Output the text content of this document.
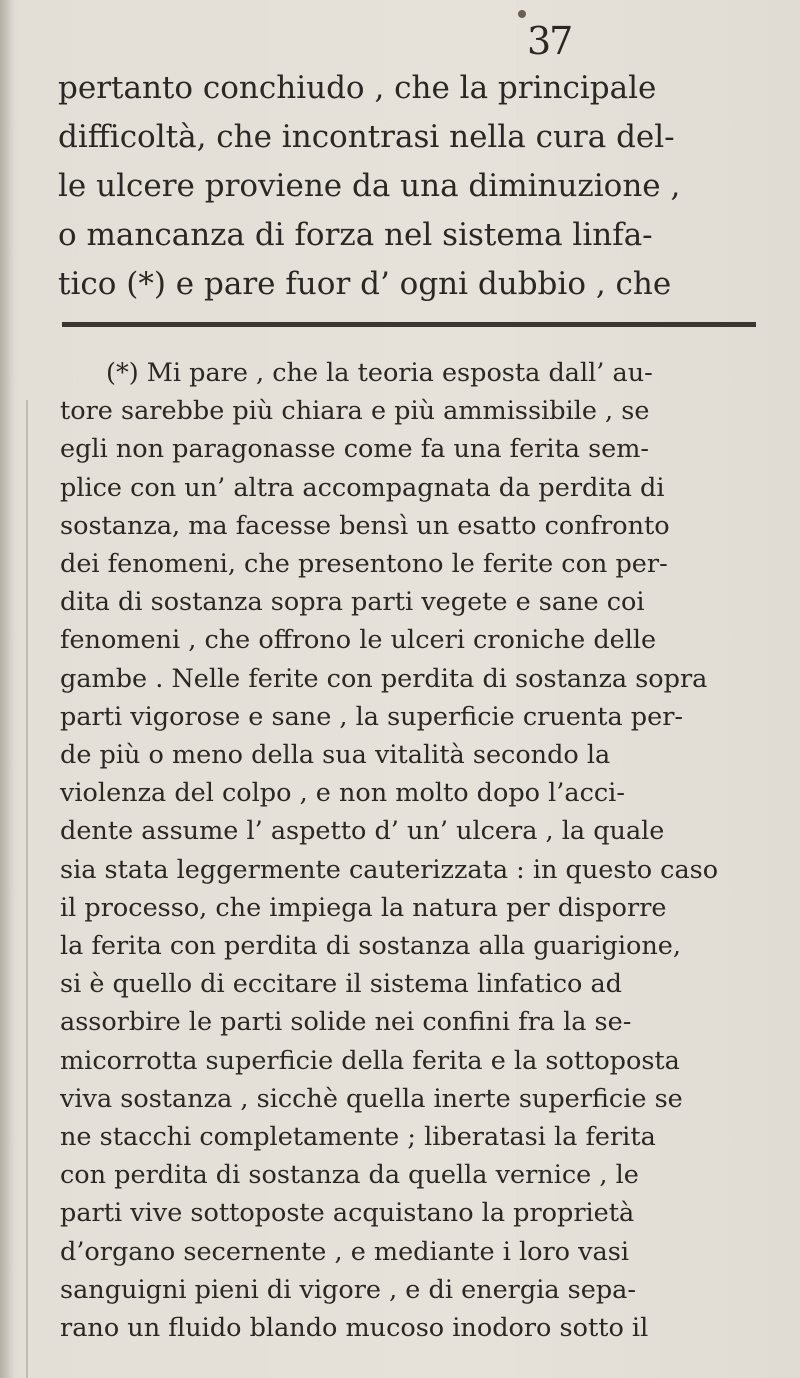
37
pertanto conchiudo , che la principale
difficoltà, che incontrasi nella cura del-
le ulcere proviene da una diminuzione ,
o mancanza di forza nel sistema linfa-
tico (*) e pare fuor d’ ogni dubbio , che
(*) Mi pare , che la teoria esposta dall’ au-
tore sarebbe più chiara e più ammissibile , se
egli non paragonasse come fa una ferita sem-
plice con un’ altra accompagnata da perdita di
sostanza, ma facesse bensì un esatto confronto
dei fenomeni, che presentono le ferite con per-
dita di sostanza sopra parti vegete e sane coi
fenomeni , che offrono le ulceri croniche delle
gambe . Nelle ferite con perdita di sostanza sopra
parti vigorose e sane , la superficie cruenta per-
de più o meno della sua vitalità secondo la
violenza del colpo , e non molto dopo l’acci-
dente assume l’ aspetto d’ un’ ulcera , la quale
sia stata leggermente cauterizzata : in questo caso
il processo, che impiega la natura per disporre
la ferita con perdita di sostanza alla guarigione,
si è quello di eccitare il sistema linfatico ad
assorbire le parti solide nei confini fra la se-
micorrotta superficie della ferita e la sottoposta
viva sostanza , sicchè quella inerte superficie se
ne stacchi completamente ; liberatasi la ferita
con perdita di sostanza da quella vernice , le
parti vive sottoposte acquistano la proprietà
d’organo secernente , e mediante i loro vasi
sanguigni pieni di vigore , e di energia sepa-
rano un fluido blando mucoso inodoro sotto il
